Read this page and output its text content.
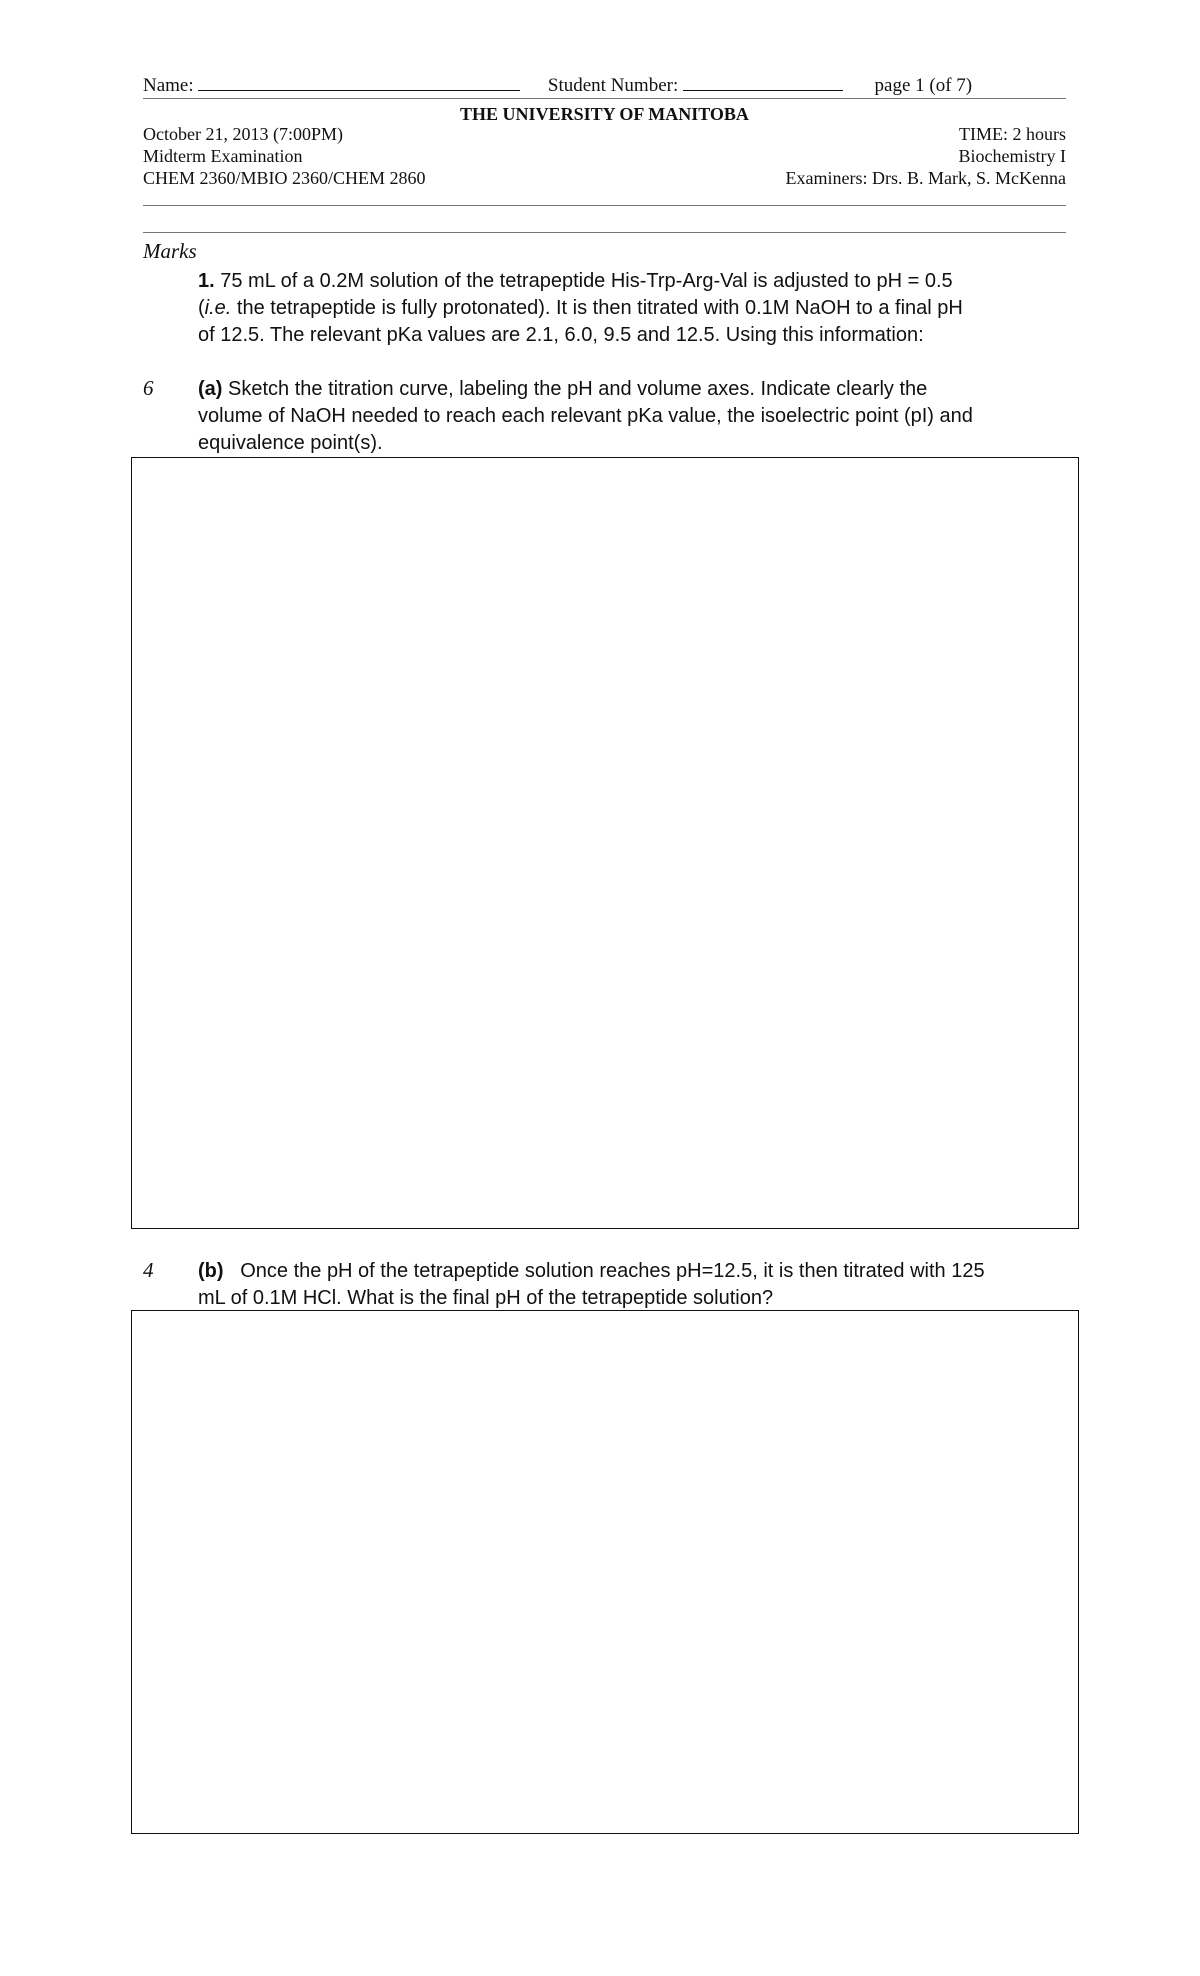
Name:	Student Number:	page 1 (of 7)
THE UNIVERSITY OF MANITOBA
October 21, 2013 (7:00PM)
Midterm Examination
CHEM 2360/MBIO 2360/CHEM 2860
TIME: 2 hours
Biochemistry I
Examiners: Drs. B. Mark, S. McKenna
Marks
1. 75 mL of a 0.2M solution of the tetrapeptide His-Trp-Arg-Val is adjusted to pH = 0.5
(i.e. the tetrapeptide is fully protonated). It is then titrated with 0.1M NaOH to a final pH
of 12.5. The relevant pKa values are 2.1, 6.0, 9.5 and 12.5. Using this information:
6 (a) Sketch the titration curve, labeling the pH and volume axes. Indicate clearly the
volume of NaOH needed to reach each relevant pKa value, the isoelectric point (pI) and
equivalence point(s).
4 (b) Once the pH of the tetrapeptide solution reaches pH=12.5, it is then titrated with 125
mL of 0.1M HCl. What is the final pH of the tetrapeptide solution?
